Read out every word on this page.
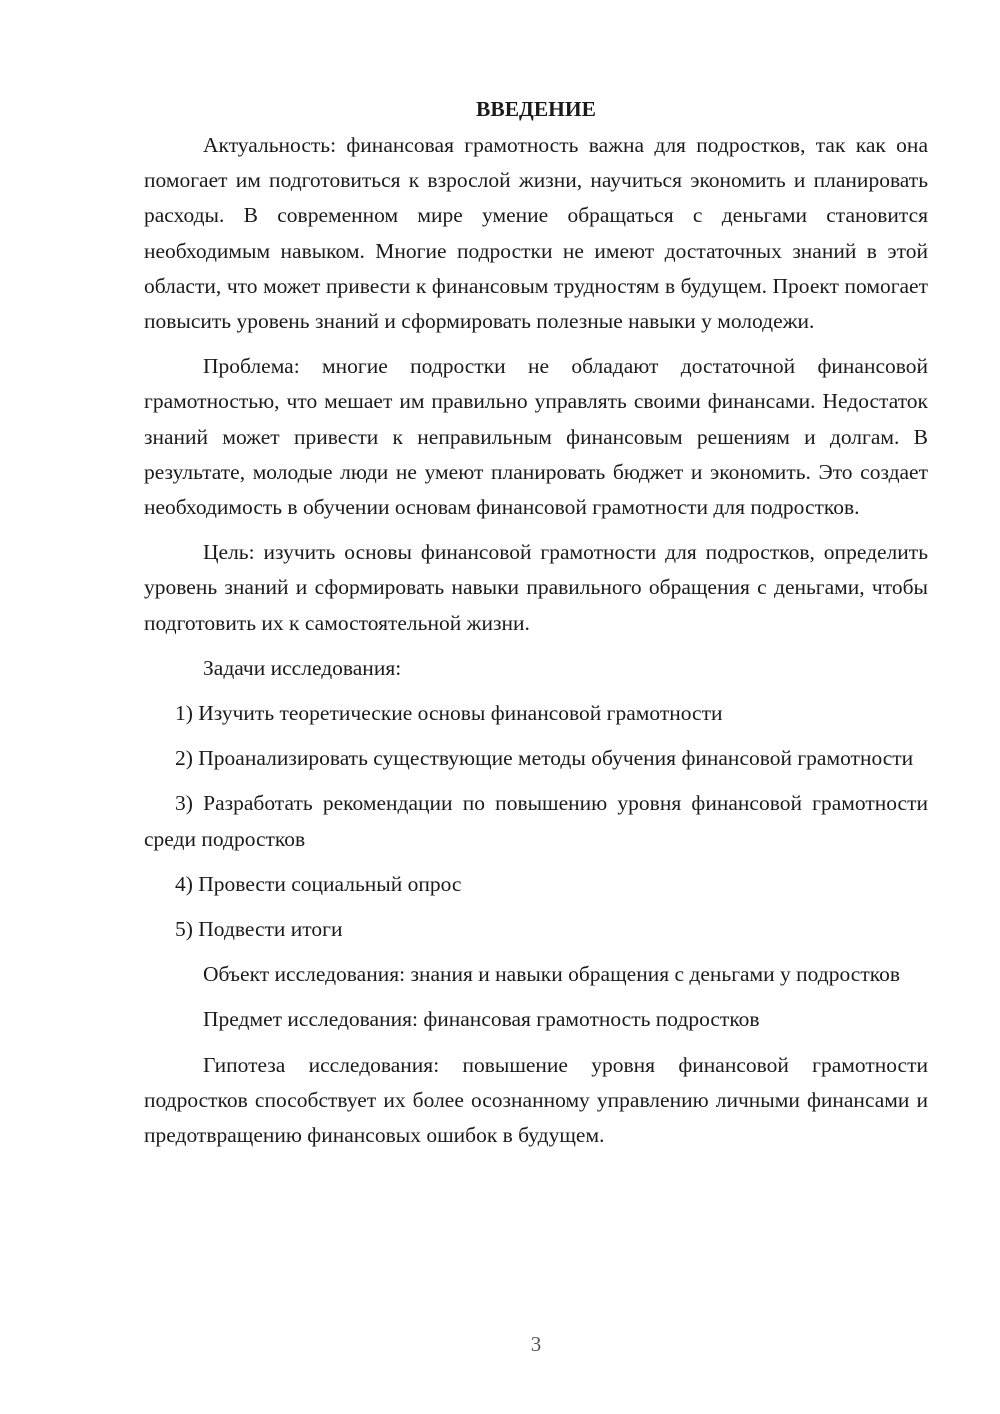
ВВЕДЕНИЕ

Актуальность: финансовая грамотность важна для подростков, так как она помогает им подготовиться к взрослой жизни, научиться экономить и планировать расходы. В современном мире умение обращаться с деньгами становится необходимым навыком. Многие подростки не имеют достаточных знаний в этой области, что может привести к финансовым трудностям в будущем. Проект помогает повысить уровень знаний и сформировать полезные навыки у молодежи.

Проблема: многие подростки не обладают достаточной финансовой грамотностью, что мешает им правильно управлять своими финансами. Недостаток знаний может привести к неправильным финансовым решениям и долгам. В результате, молодые люди не умеют планировать бюджет и экономить. Это создает необходимость в обучении основам финансовой грамотности для подростков.

Цель: изучить основы финансовой грамотности для подростков, определить уровень знаний и сформировать навыки правильного обращения с деньгами, чтобы подготовить их к самостоятельной жизни.

Задачи исследования:

1) Изучить теоретические основы финансовой грамотности

2) Проанализировать существующие методы обучения финансовой грамотности

3) Разработать рекомендации по повышению уровня финансовой грамотности среди подростков

4) Провести социальный опрос

5) Подвести итоги

Объект исследования: знания и навыки обращения с деньгами у подростков

Предмет исследования: финансовая грамотность подростков

Гипотеза исследования: повышение уровня финансовой грамотности подростков способствует их более осознанному управлению личными финансами и предотвращению финансовых ошибок в будущем.

3
